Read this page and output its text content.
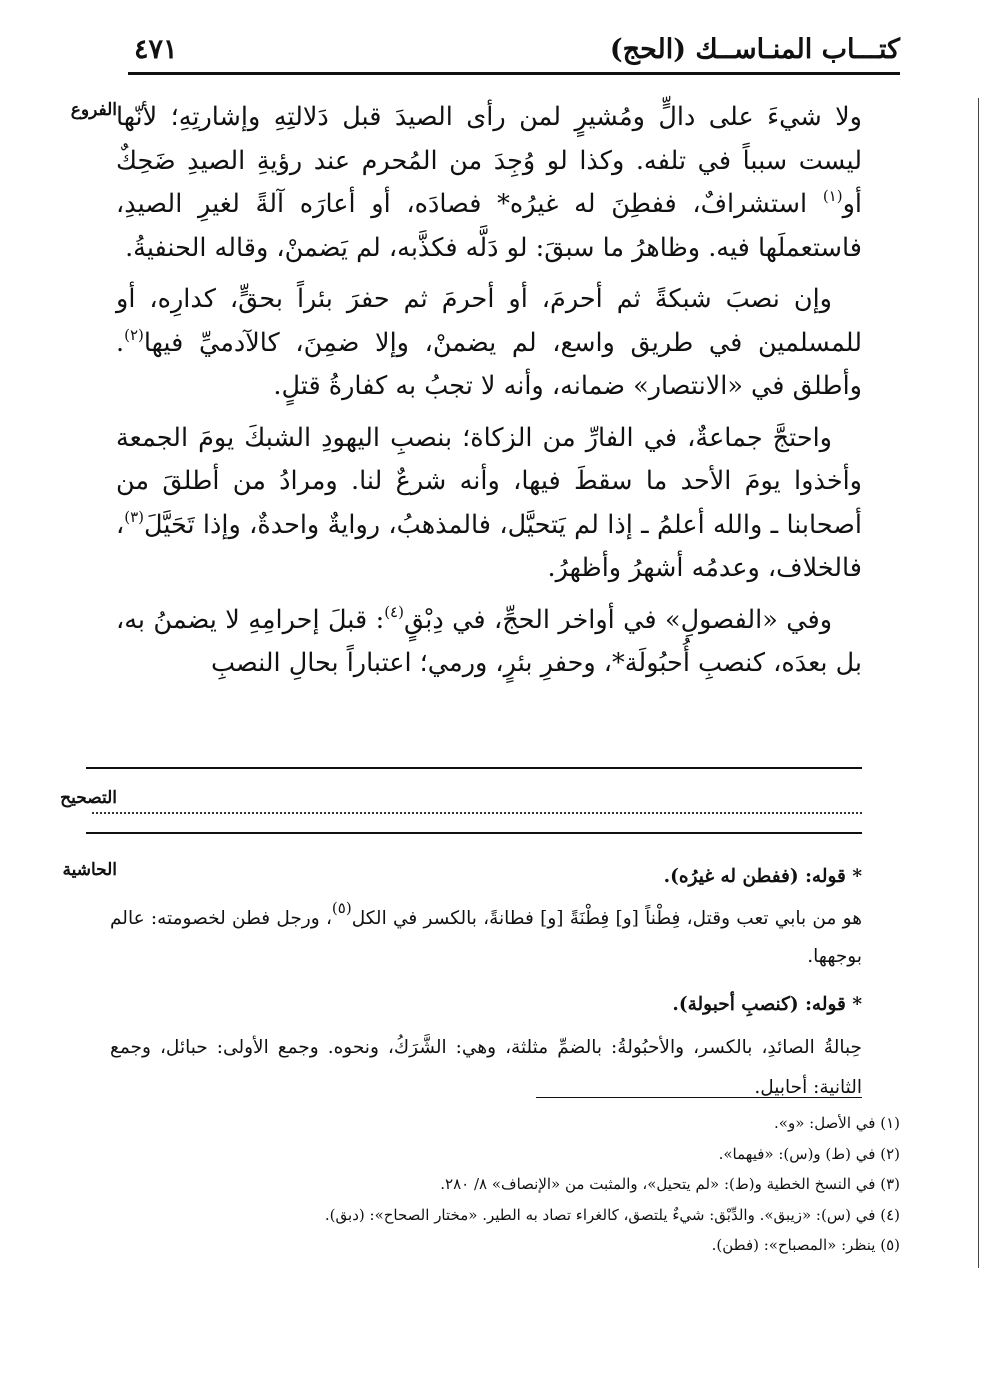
كتـــاب المنـاســك (الحج)
٤٧١
الفروع ولا شيءَ على دالٍّ ومُشيرٍ لمن رأى الصيدَ قبل دَلالتِهِ وإشارتِهِ؛ لأنّها ليست سبباً في تلفه. وكذا لو وُجِدَ من المُحرم عند رؤيةِ الصيدِ ضَحِكٌ أو$^{(١)}$ استشرافٌ، ففطِنَ له غيرُه* فصادَه، أو أعارَه آلةً لغيرِ الصيدِ، فاستعملَها فيه. وظاهرُ ما سبقَ: لو دَلَّه فكذَّبه، لم يَضمنْ، وقاله الحنفيةُ.

وإن نصبَ شبكةً ثم أحرمَ، أو أحرمَ ثم حفرَ بئراً بحقٍّ، كدارِه، أو للمسلمين في طريق واسع، لم يضمنْ، وإلا ضمِنَ، كالآدميِّ فيها$^{(٢)}$. وأطلق في «الانتصار» ضمانه، وأنه لا تجبُ به كفارةُ قتلٍ.

واحتجَّ جماعةٌ، في الفارِّ من الزكاة؛ بنصبِ اليهودِ الشبكَ يومَ الجمعة وأخذوا يومَ الأحد ما سقطَ فيها، وأنه شرعٌ لنا. ومرادُ من أطلقَ من أصحابنا ـ والله أعلمُ ـ إذا لم يَتحيَّل، فالمذهبُ، روايةٌ واحدةٌ، وإذا تَحَيَّلَ$^{(٣)}$، فالخلاف، وعدمُه أشهرُ وأظهرُ.

وفي «الفصولِ» في أواخر الحجِّ، في دِبْقٍ$^{(٤)}$: قبلَ إحرامِهِ لا يضمنُ به، بل بعدَه، كنصبِ أُحبُولَة*، وحفرِ بئرٍ، ورمي؛ اعتباراً بحالِ النصبِ

التصحيح
الحاشية	* قوله: (ففطن له غيرُه).

هو من بابي تعب وقتل، فِطْناً [و] فِطْنَةً [و] فطانةً، بالكسر في الكل$^{(٥)}$، ورجل فطن لخصومته: عالم بوجهها.

* قوله: (كنصبِ أحبولة).

حِبالةُ الصائدِ، بالكسر، والأحبُولةُ: بالضمِّ مثلثة، وهي: الشَّرَكُ، ونحوه. وجمع الأولى: حبائل، وجمع الثانية: أحابيل.

(١) في الأصل: «و».
(٢) في (ط) و(س): «فيهما».
(٣) في النسخ الخطية و(ط): «لم يتحيل»، والمثبت من «الإنصاف» ٨/ ٢٨٠.
(٤) في (س): «زيبق». والدِّبْق: شيءٌ يلتصق، كالغراء تصاد به الطير. «مختار الصحاح»: (دبق).
(٥) ينظر: «المصباح»: (فطن).
